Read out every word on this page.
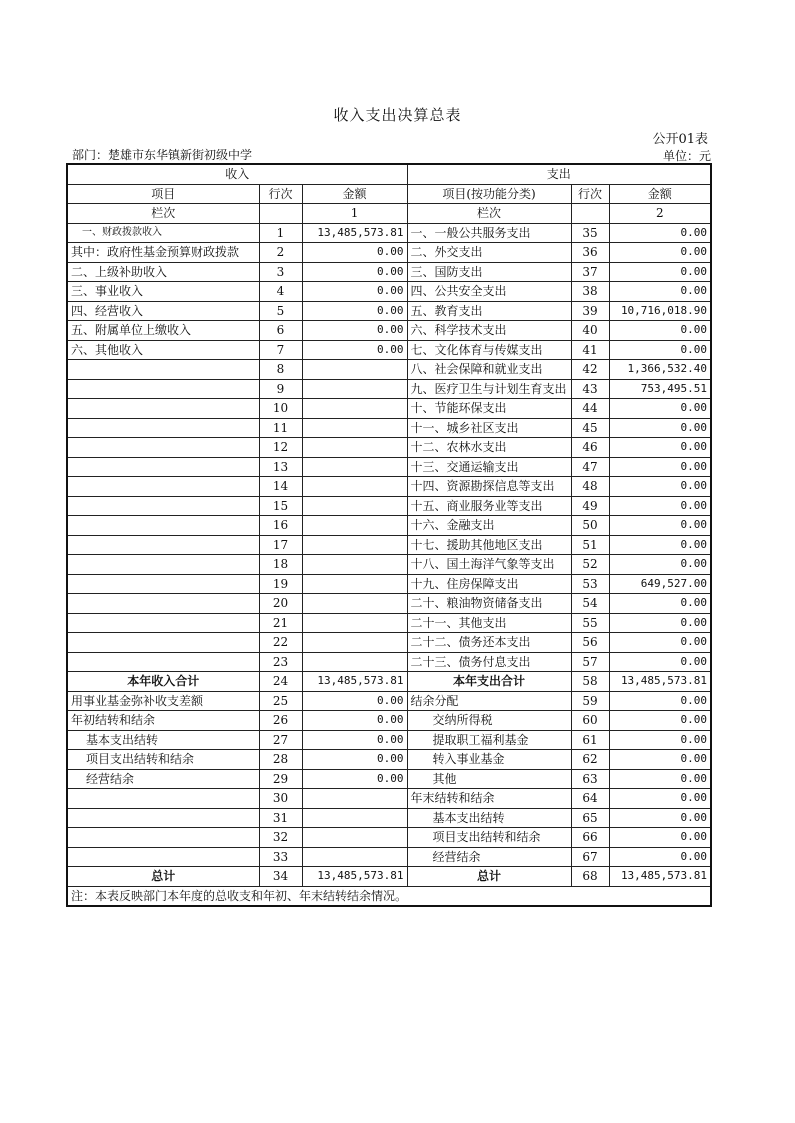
收入支出决算总表
公开01表
部门：楚雄市东华镇新街初级中学	单位：元
收入			支出		
项目	行次	金额	项目(按功能分类)	行次	金额
栏次		1	栏次		2
一、财政拨款收入	1	13,485,573.81	一、一般公共服务支出	35	0.00
其中：政府性基金预算财政拨款	2	0.00	二、外交支出	36	0.00
二、上级补助收入	3	0.00	三、国防支出	37	0.00
三、事业收入	4	0.00	四、公共安全支出	38	0.00
四、经营收入	5	0.00	五、教育支出	39	10,716,018.90
五、附属单位上缴收入	6	0.00	六、科学技术支出	40	0.00
六、其他收入	7	0.00	七、文化体育与传媒支出	41	0.00
	8		八、社会保障和就业支出	42	1,366,532.40
	9		九、医疗卫生与计划生育支出	43	753,495.51
	10		十、节能环保支出	44	0.00
	11		十一、城乡社区支出	45	0.00
	12		十二、农林水支出	46	0.00
	13		十三、交通运输支出	47	0.00
	14		十四、资源勘探信息等支出	48	0.00
	15		十五、商业服务业等支出	49	0.00
	16		十六、金融支出	50	0.00
	17		十七、援助其他地区支出	51	0.00
	18		十八、国土海洋气象等支出	52	0.00
	19		十九、住房保障支出	53	649,527.00
	20		二十、粮油物资储备支出	54	0.00
	21		二十一、其他支出	55	0.00
	22		二十二、债务还本支出	56	0.00
	23		二十三、债务付息支出	57	0.00
本年收入合计	24	13,485,573.81	本年支出合计	58	13,485,573.81
用事业基金弥补收支差额	25	0.00	结余分配	59	0.00
年初结转和结余	26	0.00	交纳所得税	60	0.00
基本支出结转	27	0.00	提取职工福利基金	61	0.00
项目支出结转和结余	28	0.00	转入事业基金	62	0.00
经营结余	29	0.00	其他	63	0.00
	30		年末结转和结余	64	0.00
	31		基本支出结转	65	0.00
	32		项目支出结转和结余	66	0.00
	33		经营结余	67	0.00
总计	34	13,485,573.81	总计	68	13,485,573.81
注：本表反映部门本年度的总收支和年初、年末结转结余情况。					
